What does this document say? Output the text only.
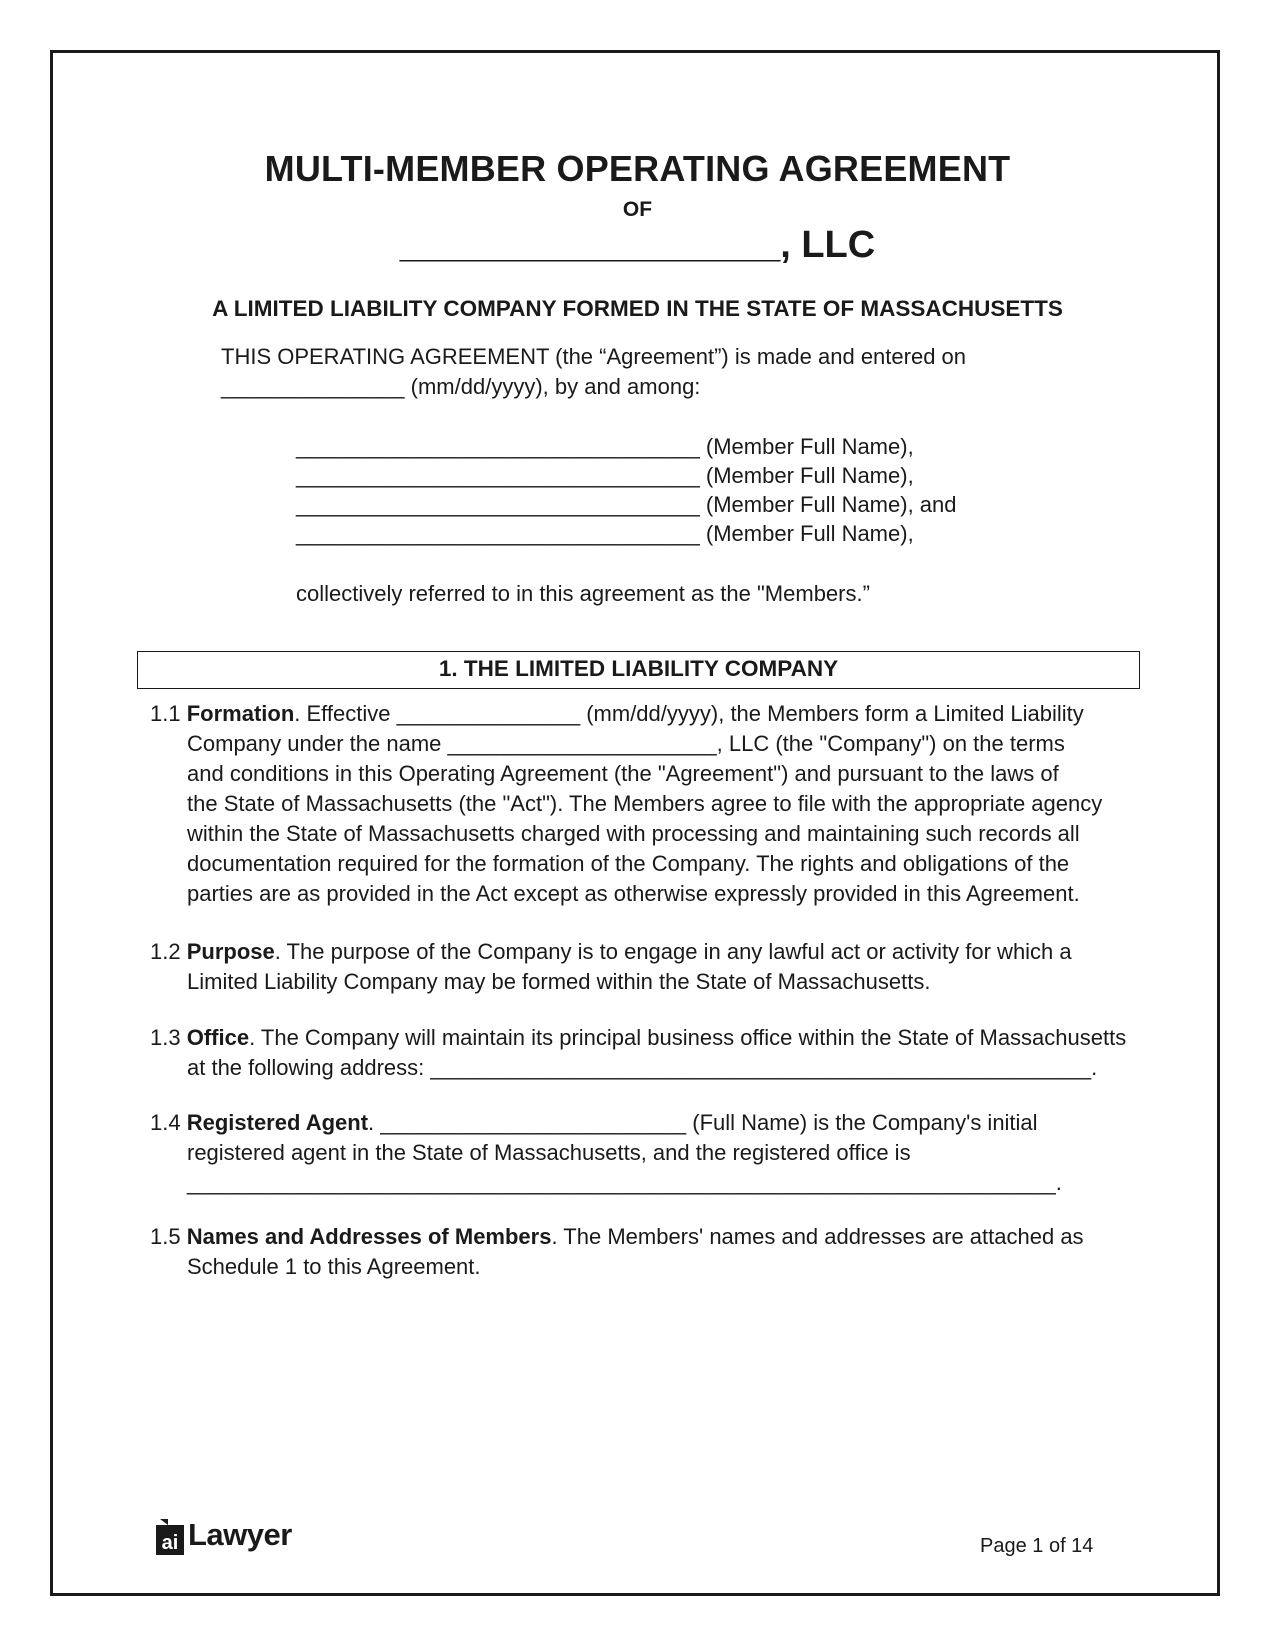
MULTI-MEMBER OPERATING AGREEMENT
OF
__________________, LLC
A LIMITED LIABILITY COMPANY FORMED IN THE STATE OF MASSACHUSETTS
THIS OPERATING AGREEMENT (the “Agreement”) is made and entered on
_______________ (mm/dd/yyyy), by and among:
_________________________________ (Member Full Name),
_________________________________ (Member Full Name),
_________________________________ (Member Full Name), and
_________________________________ (Member Full Name),
collectively referred to in this agreement as the "Members.”
1. THE LIMITED LIABILITY COMPANY
1.1 Formation. Effective _______________ (mm/dd/yyyy), the Members form a Limited Liability
Company under the name ______________________, LLC (the "Company") on the terms
and conditions in this Operating Agreement (the "Agreement") and pursuant to the laws of
the State of Massachusetts (the "Act"). The Members agree to file with the appropriate agency
within the State of Massachusetts charged with processing and maintaining such records all
documentation required for the formation of the Company. The rights and obligations of the
parties are as provided in the Act except as otherwise expressly provided in this Agreement.
1.2 Purpose. The purpose of the Company is to engage in any lawful act or activity for which a
Limited Liability Company may be formed within the State of Massachusetts.
1.3 Office. The Company will maintain its principal business office within the State of Massachusetts
at the following address: ______________________________________________________.
1.4 Registered Agent. _________________________ (Full Name) is the Company's initial
registered agent in the State of Massachusetts, and the registered office is
_______________________________________________________________________.
1.5 Names and Addresses of Members. The Members' names and addresses are attached as
Schedule 1 to this Agreement.
ai Lawyer	Page 1 of 14
